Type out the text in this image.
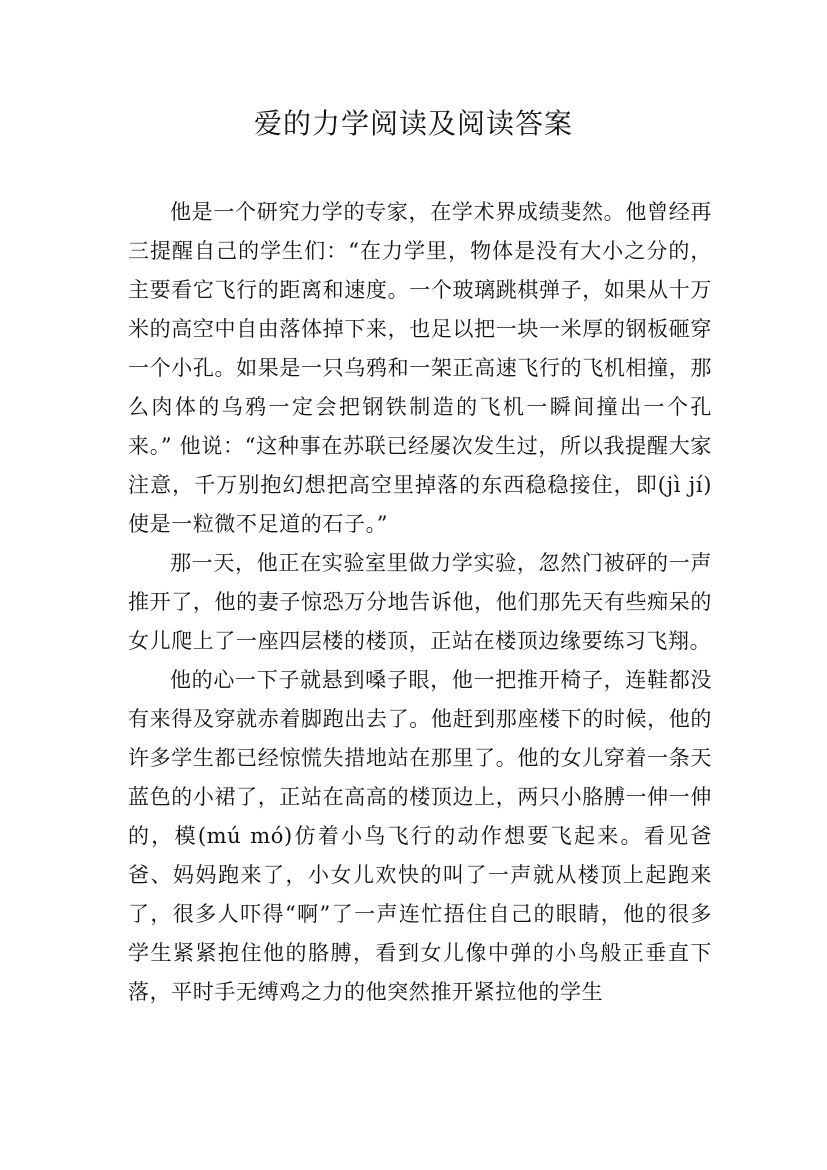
爱的力学阅读及阅读答案

他是一个研究力学的专家，在学术界成绩斐然。他曾经再三提醒自己的学生们：“在力学里，物体是没有大小之分的，主要看它飞行的距离和速度。一个玻璃跳棋弹子，如果从十万米的高空中自由落体掉下来，也足以把一块一米厚的钢板砸穿一个小孔。如果是一只乌鸦和一架正高速飞行的飞机相撞，那么肉体的乌鸦一定会把钢铁制造的飞机一瞬间撞出一个孔来。” 他说：“这种事在苏联已经屡次发生过，所以我提醒大家注意，千万别抱幻想把高空里掉落的东西稳稳接住，即(jì jí)使是一粒微不足道的石子。”

那一天，他正在实验室里做力学实验，忽然门被砰的一声推开了，他的妻子惊恐万分地告诉他，他们那先天有些痴呆的女儿爬上了一座四层楼的楼顶，正站在楼顶边缘要练习飞翔。

他的心一下子就悬到嗓子眼，他一把推开椅子，连鞋都没有来得及穿就赤着脚跑出去了。他赶到那座楼下的时候，他的许多学生都已经惊慌失措地站在那里了。他的女儿穿着一条天蓝色的小裙了，正站在高高的楼顶边上，两只小胳膊一伸一伸的，模(mú mó)仿着小鸟飞行的动作想要飞起来。看见爸爸、妈妈跑来了，小女儿欢快的叫了一声就从楼顶上起跑来了，很多人吓得“啊”了一声连忙捂住自己的眼睛，他的很多学生紧紧抱住他的胳膊，看到女儿像中弹的小鸟般正垂直下落，平时手无缚鸡之力的他突然推开紧拉他的学生
